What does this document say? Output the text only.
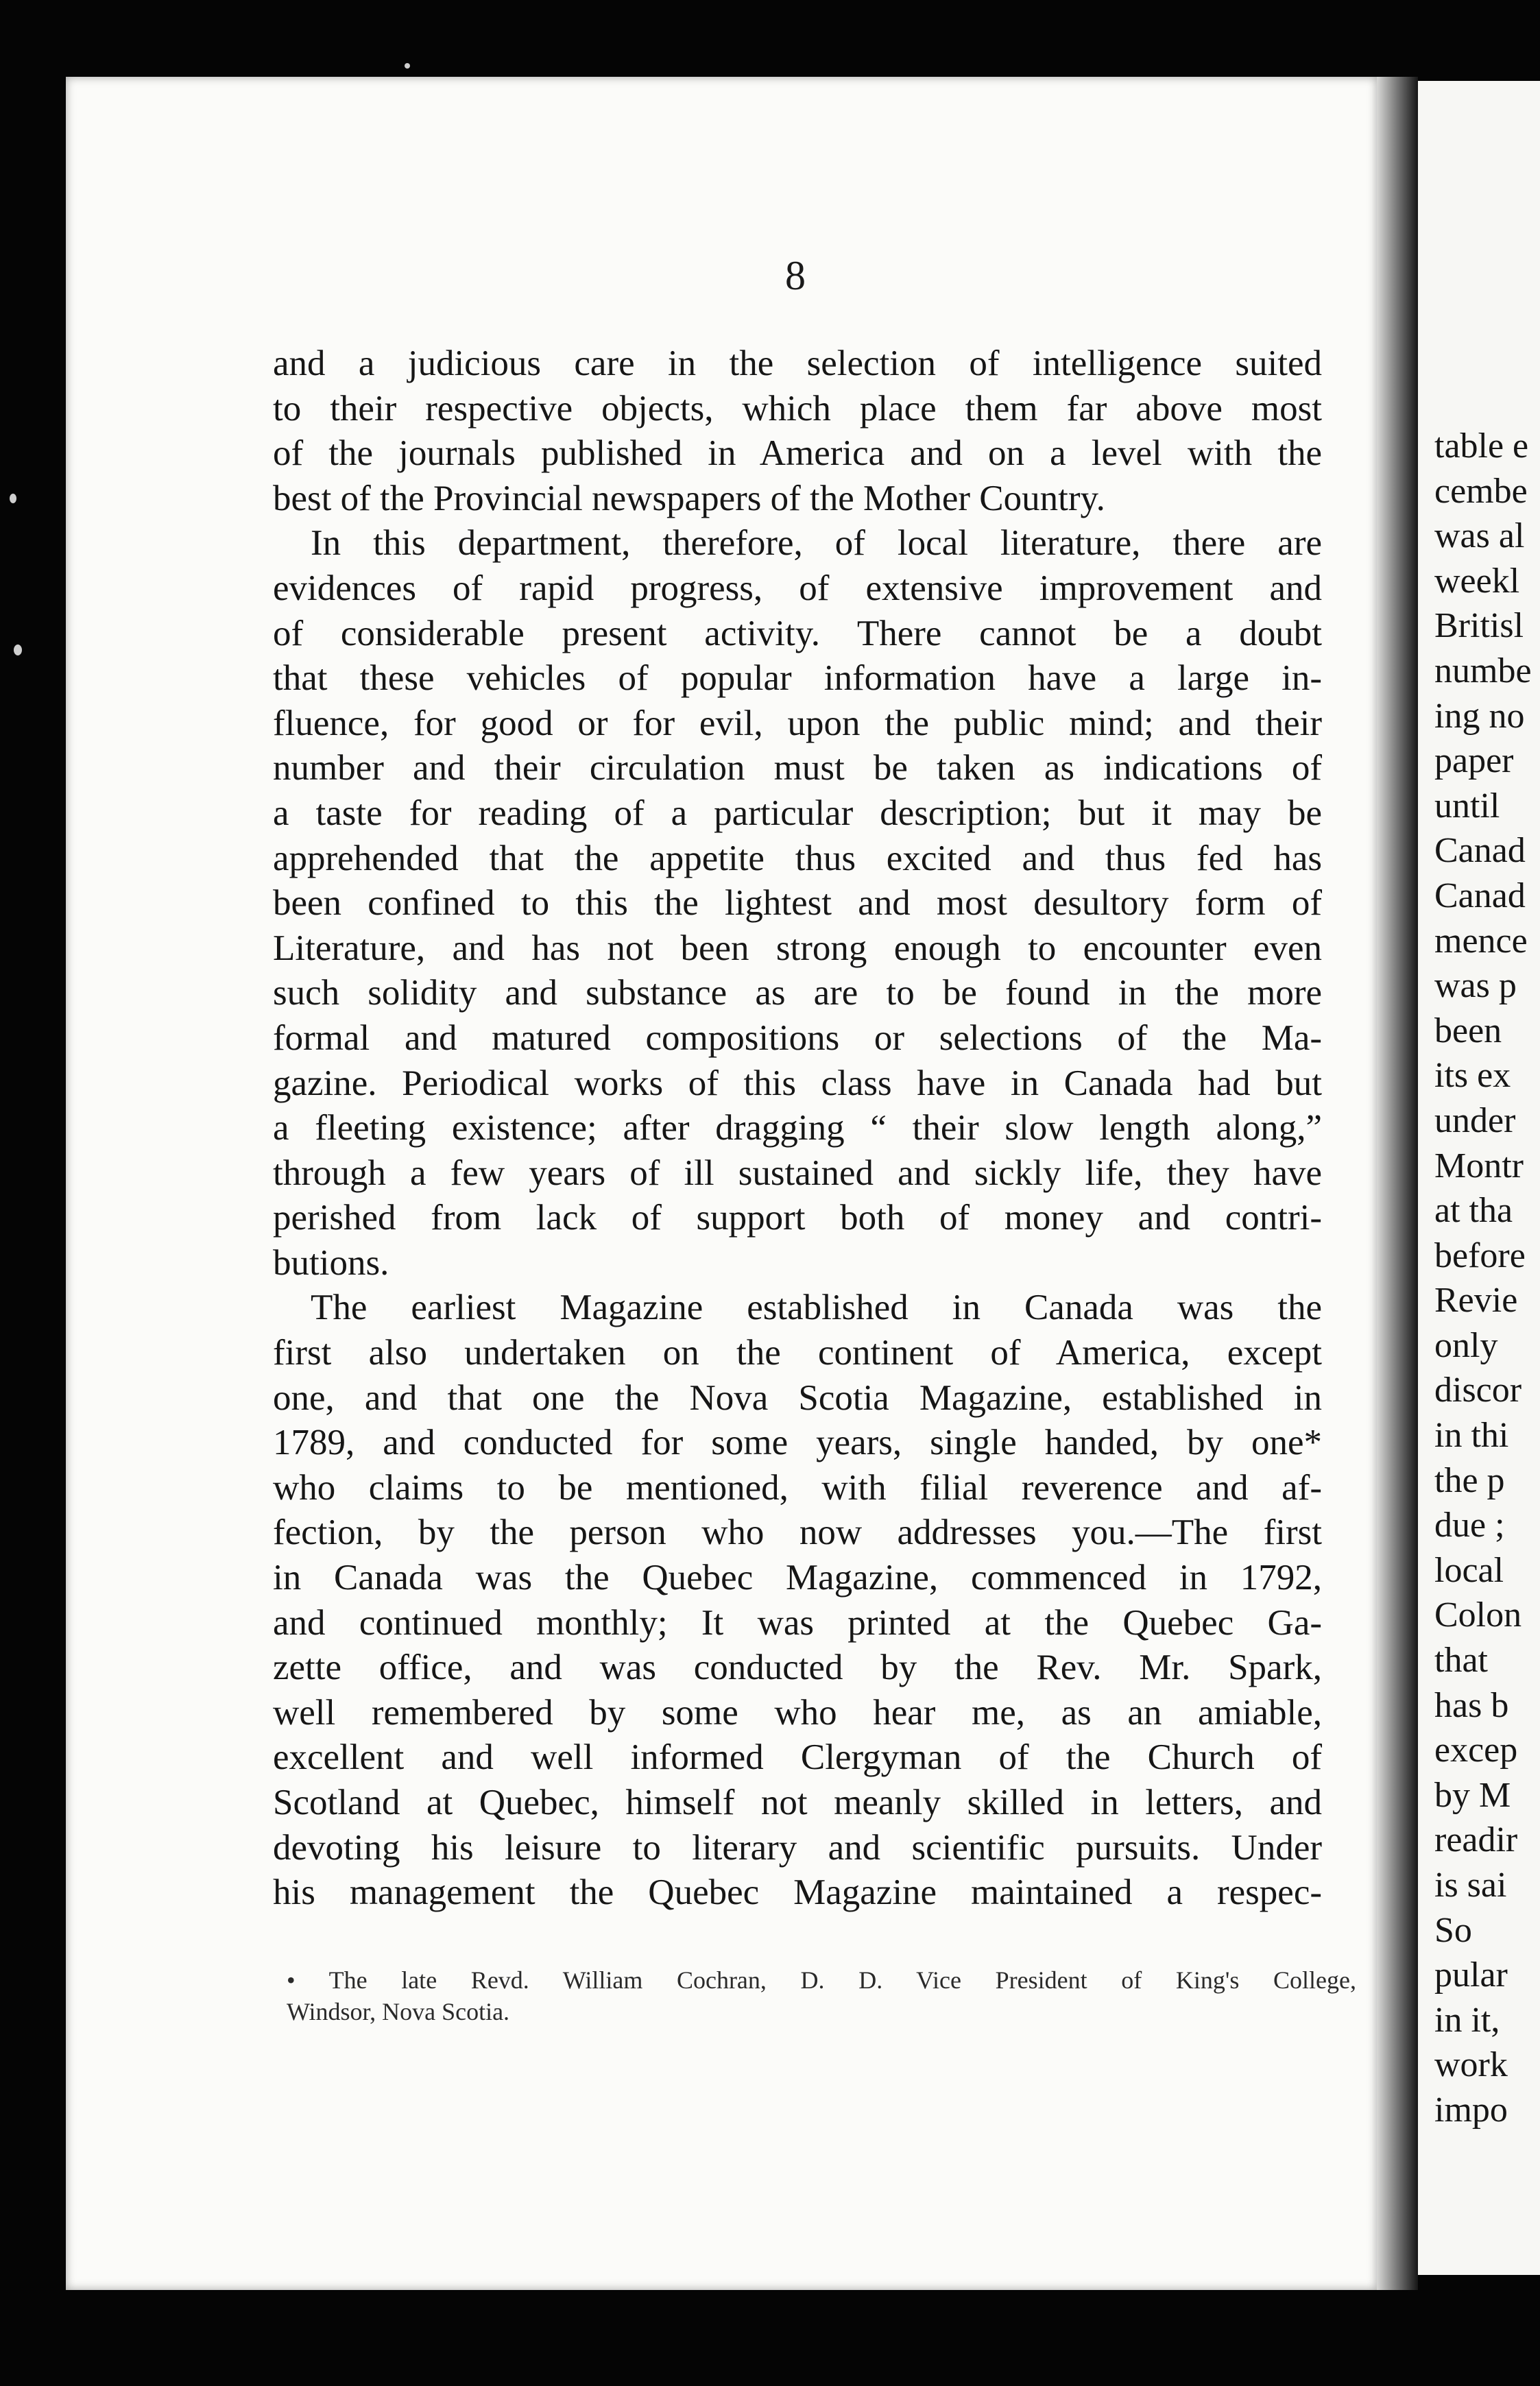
8

and a judicious care in the selection of intelligence suited
to their respective objects, which place them far above most
of the journals published in America and on a level with the
best of the Provincial newspapers of the Mother Country.

In this department, therefore, of local literature, there are
evidences of rapid progress, of extensive improvement and
of considerable present activity. There cannot be a doubt
that these vehicles of popular information have a large in-
fluence, for good or for evil, upon the public mind; and their
number and their circulation must be taken as indications of
a taste for reading of a particular description; but it may be
apprehended that the appetite thus excited and thus fed has
been confined to this the lightest and most desultory form of
Literature, and has not been strong enough to encounter even
such solidity and substance as are to be found in the more
formal and matured compositions or selections of the Ma-
gazine. Periodical works of this class have in Canada had but
a fleeting existence; after dragging “ their slow length along,”
through a few years of ill sustained and sickly life, they have
perished from lack of support both of money and contri-
butions.

The earliest Magazine established in Canada was the
first also undertaken on the continent of America, except
one, and that one the Nova Scotia Magazine, established in
1789, and conducted for some years, single handed, by one*
who claims to be mentioned, with filial reverence and af-
fection, by the person who now addresses you.—The first
in Canada was the Quebec Magazine, commenced in 1792,
and continued monthly; It was printed at the Quebec Ga-
zette office, and was conducted by the Rev. Mr. Spark,
well remembered by some who hear me, as an amiable,
excellent and well informed Clergyman of the Church of
Scotland at Quebec, himself not meanly skilled in letters, and
devoting his leisure to literary and scientific pursuits. Under
his management the Quebec Magazine maintained a respec-

• The late Revd. William Cochran, D. D. Vice President of King's College,
Windsor, Nova Scotia.
table e
cembe
was al
weekl
Britisl
numbe
ing no
paper
until
Canad
Canad
mence
was p
been
its ex
under
Montr
at tha
before
Revie
only
discor
in thi
the p
due ;
local
Colon
that
has b
excep
by M
readir
is sai
So
pular
in it,
work
impo
